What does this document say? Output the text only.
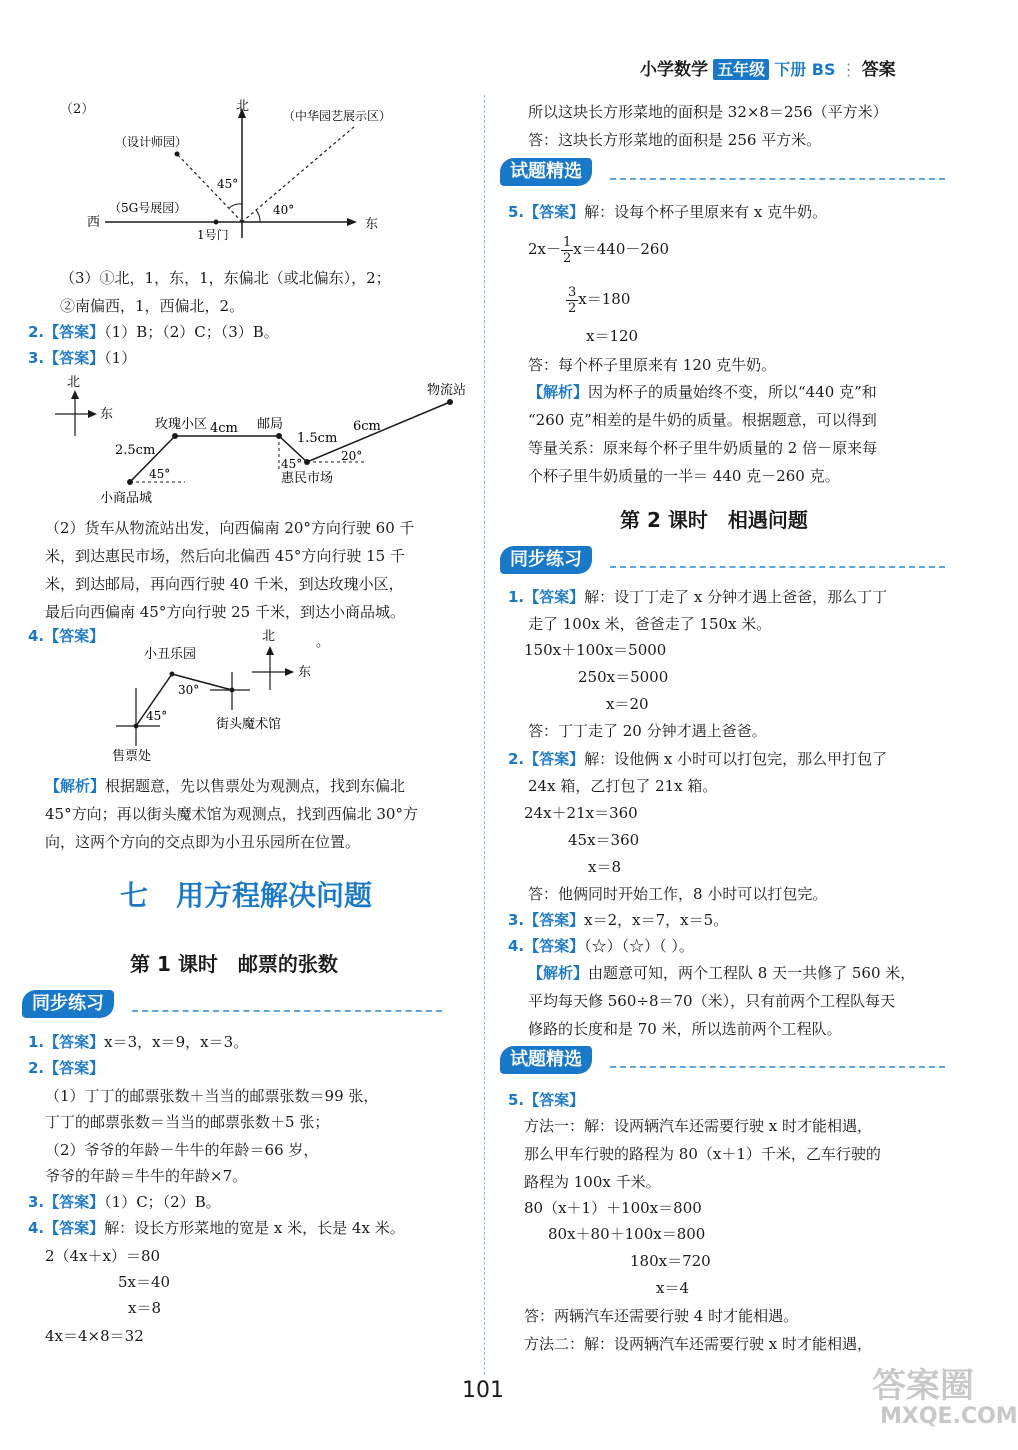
小学数学 五年级 下册 BS ⋮ 答案
（2）	北
东
西
1号门
（设计师园）
（中华园艺展示区）
（5G号展园）
45°
40°
（3）①北，1，东，1，东偏北（或北偏东），2；
②南偏西，1，西偏北，2。
2.【答案】（1）B；（2）C；（3）B。
3.【答案】（1）
北
东
玫瑰小区	邮局
物流站
小商品城
惠民市场
4cm
2.5cm
1.5cm
6cm
45°
45°
20°
（2）货车从物流站出发，向西偏南 20°方向行驶 60 千
米，到达惠民市场，然后向北偏西 45°方向行驶 15 千
米，到达邮局，再向西行驶 40 千米，到达玫瑰小区，
最后向西偏南 45°方向行驶 25 千米，到达小商品城。
4.【答案】	北
东
。
小丑乐园
街头魔术馆
售票处
30°
45°
【解析】根据题意，先以售票处为观测点，找到东偏北
45°方向；再以街头魔术馆为观测点，找到西偏北 30°方
向，这两个方向的交点即为小丑乐园所在位置。
七　用方程解决问题
第 1 课时　邮票的张数
同步练习
1.【答案】x＝3，x＝9，x＝3。
2.【答案】
（1）丁丁的邮票张数＋当当的邮票张数＝99 张，
丁丁的邮票张数＝当当的邮票张数＋5 张；
（2）爷爷的年龄－牛牛的年龄＝66 岁，
爷爷的年龄＝牛牛的年龄×7。
3.【答案】（1）C；（2）B。
4.【答案】解：设长方形菜地的宽是 x 米，长是 4x 米。
2（4x＋x）＝80
5x＝40
x＝8
4x＝4×8＝32
所以这块长方形菜地的面积是 32×8＝256（平方米）
答：这块长方形菜地的面积是 256 平方米。
试题精选
5.【答案】解：设每个杯子里原来有 x 克牛奶。
$2x- \frac{1}{2} x=440-260$
$\frac{3}{2} x=180$
x＝120
答：每个杯子里原来有 120 克牛奶。
【解析】因为杯子的质量始终不变，所以“440 克”和
“260 克”相差的是牛奶的质量。根据题意，可以得到
等量关系：原来每个杯子里牛奶质量的 2 倍－原来每
个杯子里牛奶质量的一半＝ 440 克－260 克。
第 2 课时　相遇问题
同步练习
1.【答案】解：设丁丁走了 x 分钟才遇上爸爸，那么丁丁
走了 100x 米，爸爸走了 150x 米。
150x＋100x＝5000
250x＝5000
x＝20
答：丁丁走了 20 分钟才遇上爸爸。
2.【答案】解：设他俩 x 小时可以打包完，那么甲打包了
24x 箱，乙打包了 21x 箱。
24x＋21x＝360
45x＝360
x＝8
答：他俩同时开始工作，8 小时可以打包完。
3.【答案】x＝2，x＝7，x＝5。
4.【答案】（☆）（☆）（ ）。
【解析】由题意可知，两个工程队 8 天一共修了 560 米，
平均每天修 560÷8＝70（米），只有前两个工程队每天
修路的长度和是 70 米，所以选前两个工程队。
试题精选
5.【答案】
方法一：解：设两辆汽车还需要行驶 x 时才能相遇，
那么甲车行驶的路程为 80（x＋1）千米，乙车行驶的
路程为 100x 千米。
80（x＋1）＋100x＝800
80x＋80＋100x＝800
180x＝720
x＝4
答：两辆汽车还需要行驶 4 时才能相遇。
方法二：解：设两辆汽车还需要行驶 x 时才能相遇，
101	答案圈
MXQE.COM
